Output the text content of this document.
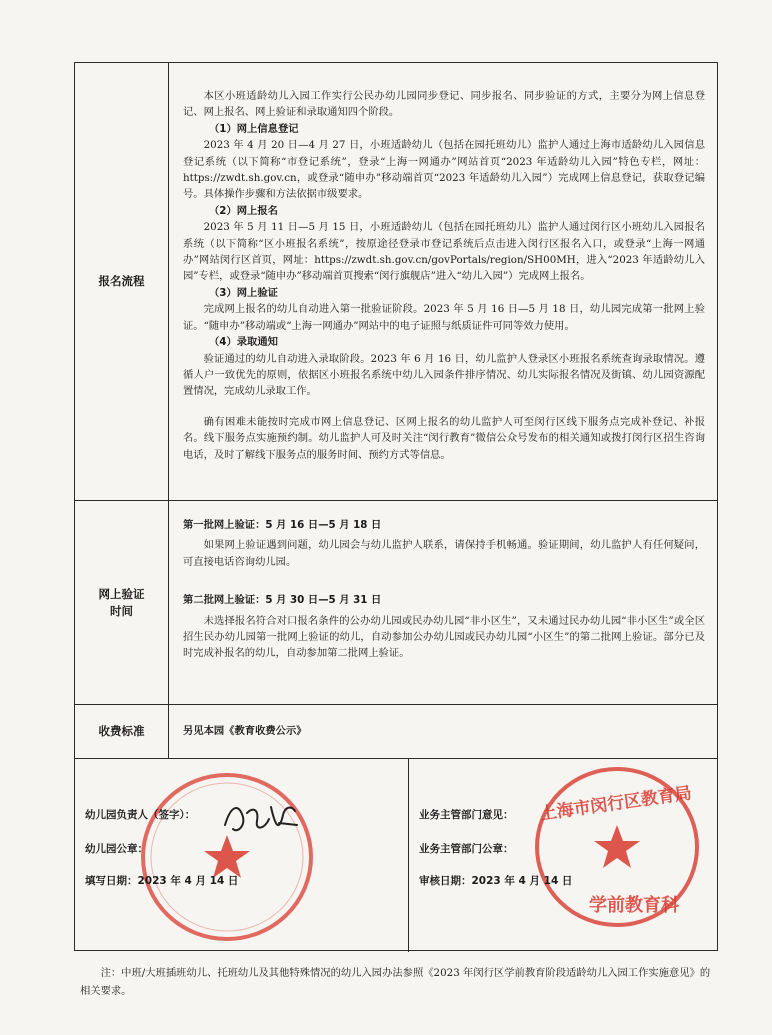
报名流程

本区小班适龄幼儿入园工作实行公民办幼儿园同步登记、同步报名、同步验证的方式，主要分为网上信息登记、网上报名、网上验证和录取通知四个阶段。

（1）网上信息登记

2023 年 4 月 20 日—4 月 27 日，小班适龄幼儿（包括在园托班幼儿）监护人通过上海市适龄幼儿入园信息登记系统（以下简称“市登记系统”，登录“上海一网通办”网站首页“2023 年适龄幼儿入园”特色专栏，网址：https://zwdt.sh.gov.cn，或登录“随申办”移动端首页“2023 年适龄幼儿入园”）完成网上信息登记，获取登记编号。具体操作步骤和方法依据市级要求。

（2）网上报名

2023 年 5 月 11 日—5 月 15 日，小班适龄幼儿（包括在园托班幼儿）监护人通过闵行区小班幼儿入园报名系统（以下简称“区小班报名系统”，按原途径登录市登记系统后点击进入闵行区报名入口，或登录“上海一网通办”网站闵行区首页，网址：https://zwdt.sh.gov.cn/govPortals/region/SH00MH，进入“2023 年适龄幼儿入园”专栏，或登录“随申办”移动端首页搜索“闵行旗舰店”进入“幼儿入园”）完成网上报名。

（3）网上验证

完成网上报名的幼儿自动进入第一批验证阶段。2023 年 5 月 16 日—5 月 18 日，幼儿园完成第一批网上验证。“随申办”移动端或“上海一网通办”网站中的电子证照与纸质证件可同等效力使用。

（4）录取通知

验证通过的幼儿自动进入录取阶段。2023 年 6 月 16 日，幼儿监护人登录区小班报名系统查询录取情况。遵循人户一致优先的原则，依据区小班报名系统中幼儿入园条件排序情况、幼儿实际报名情况及街镇、幼儿园资源配置情况，完成幼儿录取工作。

确有困难未能按时完成市网上信息登记、区网上报名的幼儿监护人可至闵行区线下服务点完成补登记、补报名。线下服务点实施预约制。幼儿监护人可及时关注“闵行教育”微信公众号发布的相关通知或拨打闵行区招生咨询电话，及时了解线下服务点的服务时间、预约方式等信息。

网上验证
时间

第一批网上验证：5 月 16 日—5 月 18 日

如果网上验证遇到问题，幼儿园会与幼儿监护人联系，请保持手机畅通。验证期间，幼儿监护人有任何疑问，可直接电话咨询幼儿园。

第二批网上验证：5 月 30 日—5 月 31 日

未选择报名符合对口报名条件的公办幼儿园或民办幼儿园“非小区生”，又未通过民办幼儿园“非小区生”或全区招生民办幼儿园第一批网上验证的幼儿，自动参加公办幼儿园或民办幼儿园“小区生”的第二批网上验证。部分已及时完成补报名的幼儿，自动参加第二批网上验证。

收费标准	另见本园《教育收费公示》
幼儿园负责人（签字）：
幼儿园公章：
填写日期：2023 年 4 月 14 日
上海市闵行区教育局
学前教育科
业务主管部门意见：
业务主管部门公章：
审核日期：2023 年 4 月 14 日
注：中班/大班插班幼儿、托班幼儿及其他特殊情况的幼儿入园办法参照《2023 年闵行区学前教育阶段适龄幼儿入园工作实施意见》的相关要求。
